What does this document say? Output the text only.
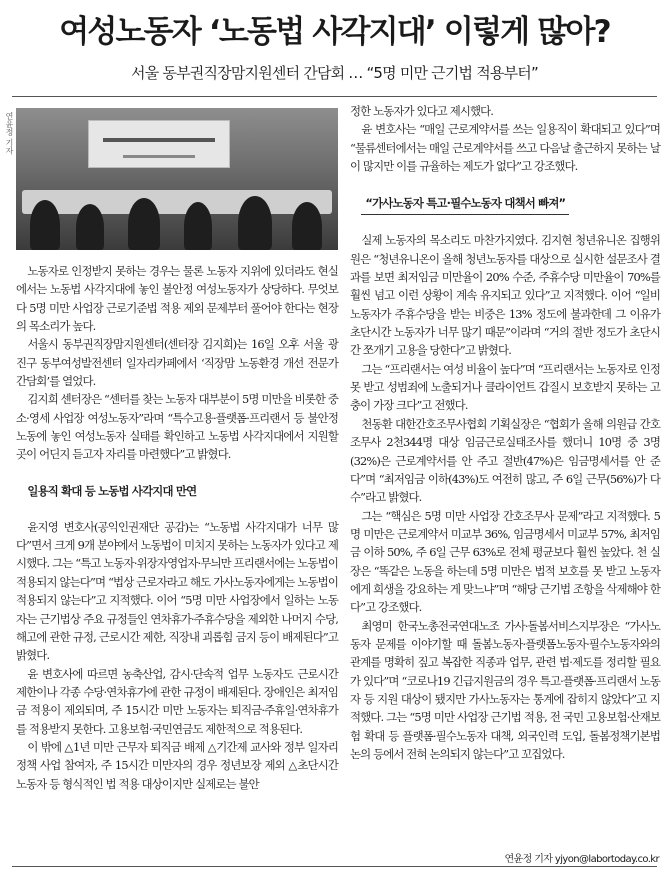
여성노동자 ‘노동법 사각지대’ 이렇게 많아?
서울 동부권직장맘지원센터 간담회 … “5명 미만 근기법 적용부터”
연윤정 기자

노동자로 인정받지 못하는 경우는 물론 노동자 지위에 있더라도 현실에서는 노동법 사각지대에 놓인 불안정 여성노동자가 상당하다. 무엇보다 5명 미만 사업장 근로기준법 적용 제외 문제부터 풀어야 한다는 현장의 목소리가 높다.

서울시 동부권직장맘지원센터(센터장 김지희)는 16일 오후 서울 광진구 동부여성발전센터 일자리카페에서 ‘직장맘 노동환경 개선 전문가 간담회’를 열었다.

김지희 센터장은 “센터를 찾는 노동자 대부분이 5명 미만을 비롯한 중소·영세 사업장 여성노동자”라며 “특수고용·플랫폼·프리랜서 등 불안정노동에 놓인 여성노동자 실태를 확인하고 노동법 사각지대에서 지원할 곳이 어딘지 듣고자 자리를 마련했다”고 밝혔다.

일용직 확대 등 노동법 사각지대 만연

윤지영 변호사(공익인권재단 공감)는 “노동법 사각지대가 너무 많다”면서 크게 9개 분야에서 노동법이 미치지 못하는 노동자가 있다고 제시했다. 그는 “특고 노동자·위장자영업자·무늬만 프리랜서에는 노동법이 적용되지 않는다”며 “법상 근로자라고 해도 가사노동자에게는 노동법이 적용되지 않는다”고 지적했다. 이어 “5명 미만 사업장에서 일하는 노동자는 근기법상 주요 규정들인 연차휴가·주휴수당을 제외한 나머지 수당, 해고에 관한 규정, 근로시간 제한, 직장내 괴롭힘 금지 등이 배제된다”고 밝혔다.

윤 변호사에 따르면 농축산업, 감시·단속적 업무 노동자도 근로시간 제한이나 각종 수당·연차휴가에 관한 규정이 배제된다. 장애인은 최저임금 적용이 제외되며, 주 15시간 미만 노동자는 퇴직금·주휴일·연차휴가를 적용받지 못한다. 고용보험·국민연금도 제한적으로 적용된다.

이 밖에 △1년 미만 근무자 퇴직금 배제 △기간제 교사와 정부 일자리정책 사업 참여자, 주 15시간 미만자의 경우 정년보장 제외 △초단시간 노동자 등 형식적인 법 적용 대상이지만 실제로는 불안

정한 노동자가 있다고 제시했다.

윤 변호사는 “매일 근로계약서를 쓰는 일용직이 확대되고 있다”며 “물류센터에서는 매일 근로계약서를 쓰고 다음날 출근하지 못하는 날이 많지만 이를 규율하는 제도가 없다”고 강조했다.

“가사노동자 특고·필수노동자 대책서 빠져”

실제 노동자의 목소리도 마찬가지였다. 김지현 청년유니온 집행위원은 “청년유니온이 올해 청년노동자를 대상으로 실시한 설문조사 결과를 보면 최저임금 미만율이 20% 수준, 주휴수당 미만율이 70%를 훨씬 넘고 이런 상황이 계속 유지되고 있다”고 지적했다. 이어 “일비노동자가 주휴수당을 받는 비중은 13% 정도에 불과한데 그 이유가 초단시간 노동자가 너무 많기 때문”이라며 “거의 절반 정도가 초단시간 쪼개기 고용을 당한다”고 밝혔다.

그는 “프리랜서는 여성 비율이 높다”며 “프리랜서는 노동자로 인정 못 받고 성범죄에 노출되거나 클라이언트 갑질시 보호받지 못하는 고충이 가장 크다”고 전했다.

천동환 대한간호조무사협회 기획실장은 “협회가 올해 의원급 간호조무사 2천344명 대상 임금근로실태조사를 했더니 10명 중 3명(32%)은 근로계약서를 안 주고 절반(47%)은 임금명세서를 안 준다”며 “최저임금 이하(43%)도 여전히 많고, 주 6일 근무(56%)가 다수”라고 밝혔다.

그는 “핵심은 5명 미만 사업장 간호조무사 문제”라고 지적했다. 5명 미만은 근로계약서 미교부 36%, 임금명세서 미교부 57%, 최저임금 이하 50%, 주 6일 근무 63%로 전체 평균보다 훨씬 높았다. 천 실장은 “똑같은 노동을 하는데 5명 미만은 법적 보호를 못 받고 노동자에게 희생을 강요하는 게 맞느냐”며 “해당 근기법 조항을 삭제해야 한다”고 강조했다.

최영미 한국노총전국연대노조 가사·돌봄서비스지부장은 “가사노동자 문제를 이야기할 때 돌봄노동자·플랫폼노동자·필수노동자와의 관계를 명확히 짚고 복잡한 직종과 업무, 관련 법·제도를 정리할 필요가 있다”며 “코로나19 긴급지원금의 경우 특고·플랫폼·프리랜서 노동자 등 지원 대상이 됐지만 가사노동자는 통계에 잡히지 않았다”고 지적했다. 그는 “5명 미만 사업장 근기법 적용, 전 국민 고용보험·산재보험 확대 등 플랫폼·필수노동자 대책, 외국인력 도입, 돌봄정책기본법 논의 등에서 전혀 논의되지 않는다”고 꼬집었다.

연윤정 기자 yjyon@labortoday.co.kr
